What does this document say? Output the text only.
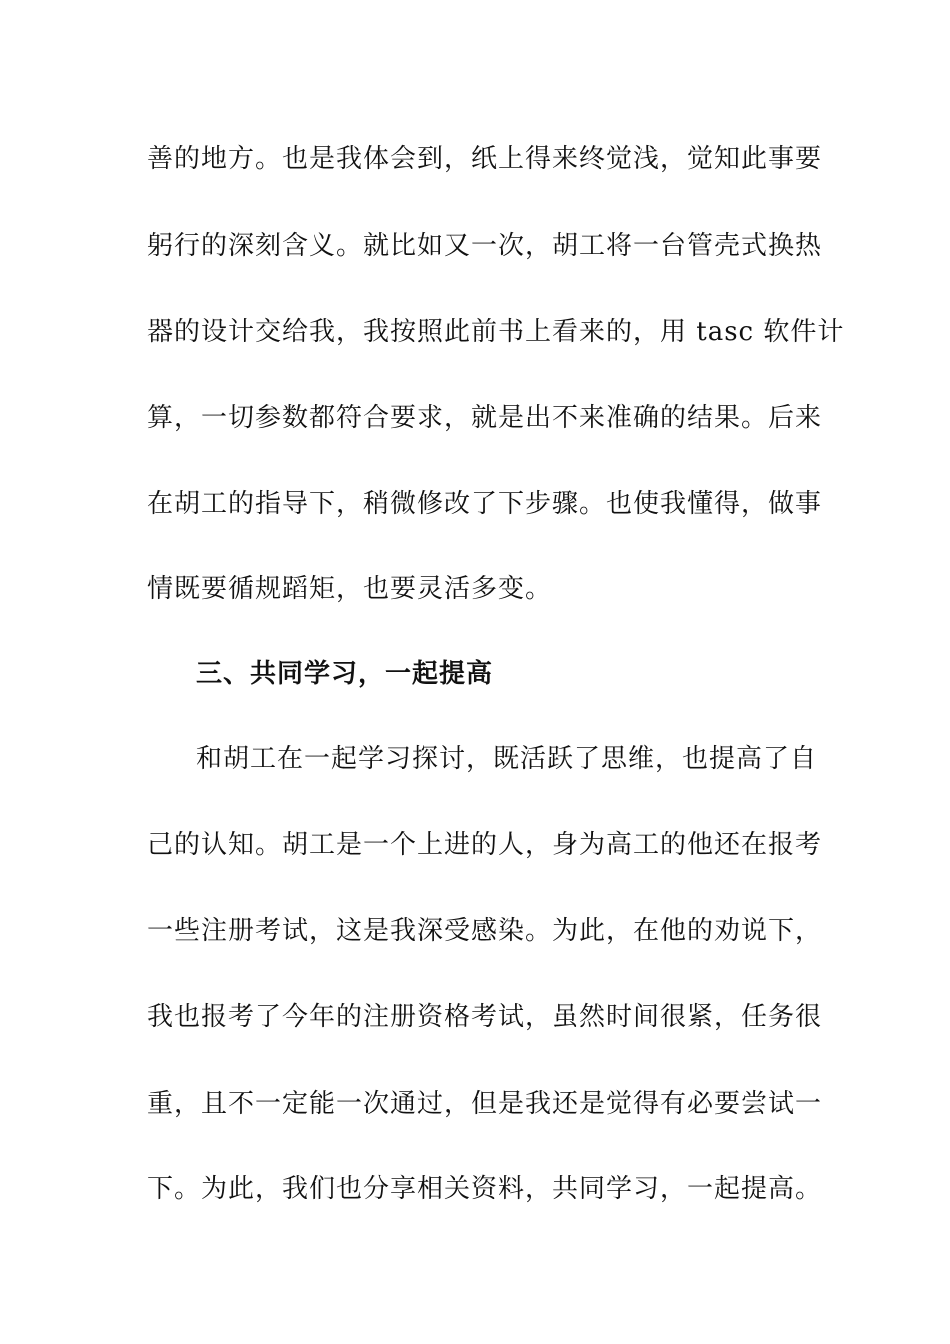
善的地方。也是我体会到，纸上得来终觉浅，觉知此事要
躬行的深刻含义。就比如又一次，胡工将一台管壳式换热
器的设计交给我，我按照此前书上看来的，用 tasc 软件计
算，一切参数都符合要求，就是出不来准确的结果。后来
在胡工的指导下，稍微修改了下步骤。也使我懂得，做事
情既要循规蹈矩，也要灵活多变。
三、共同学习，一起提高
和胡工在一起学习探讨，既活跃了思维，也提高了自
己的认知。胡工是一个上进的人，身为高工的他还在报考
一些注册考试，这是我深受感染。为此，在他的劝说下，
我也报考了今年的注册资格考试，虽然时间很紧，任务很
重，且不一定能一次通过，但是我还是觉得有必要尝试一
下。为此，我们也分享相关资料，共同学习，一起提高。
